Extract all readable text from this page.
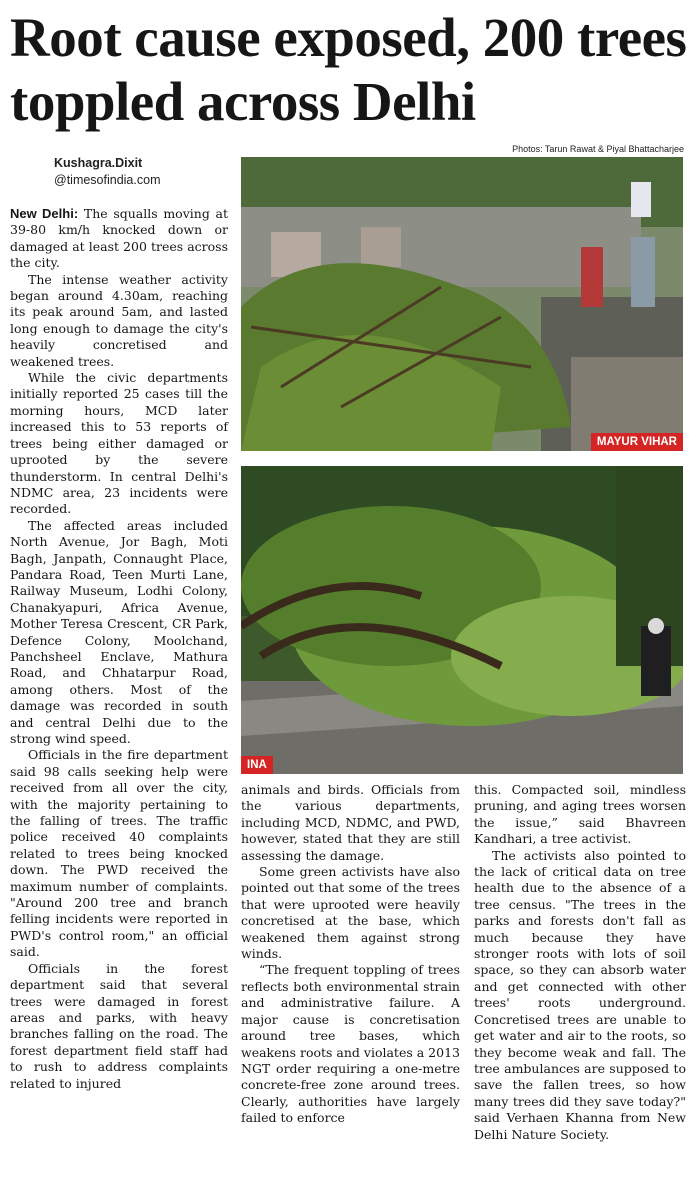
Root cause exposed, 200 trees toppled across Delhi
Kushagra.Dixit
@timesofindia.com
Photos: Tarun Rawat & Piyal Bhattacharjee

New Delhi: The squalls moving at 39-80 km/h knocked down or damaged at least 200 trees across the city.

The intense weather activity began around 4.30am, reaching its peak around 5am, and lasted long enough to damage the city's heavily concretised and weakened trees.

While the civic departments initially reported 25 cases till the morning hours, MCD later increased this to 53 reports of trees being either damaged or uprooted by the severe thunderstorm. In central Delhi's NDMC area, 23 incidents were recorded.

The affected areas included North Avenue, Jor Bagh, Moti Bagh, Janpath, Connaught Place, Pandara Road, Teen Murti Lane, Railway Museum, Lodhi Colony, Chanakyapuri, Africa Avenue, Mother Teresa Crescent, CR Park, Defence Colony, Moolchand, Panchsheel Enclave, Mathura Road, and Chhatarpur Road, among others. Most of the damage was recorded in south and central Delhi due to the strong wind speed.

Officials in the fire department said 98 calls seeking help were received from all over the city, with the majority pertaining to the falling of trees. The traffic police received 40 complaints related to trees being knocked down. The PWD received the maximum number of complaints. "Around 200 tree and branch felling incidents were reported in PWD's control room," an official said.

Officials in the forest department said that several trees were damaged in forest areas and parks, with heavy branches falling on the road. The forest department field staff had to rush to address complaints related to injured

MAYUR VIHAR
INA

animals and birds. Officials from the various departments, including MCD, NDMC, and PWD, however, stated that they are still assessing the damage.

Some green activists have also pointed out that some of the trees that were uprooted were heavily concretised at the base, which weakened them against strong winds.

“The frequent toppling of trees reflects both environmental strain and administrative failure. A major cause is concretisation around tree bases, which weakens roots and violates a 2013 NGT order requiring a one-metre concrete-free zone around trees. Clearly, authorities have largely failed to enforce

this. Compacted soil, mindless pruning, and aging trees worsen the issue,” said Bhavreen Kandhari, a tree activist.

The activists also pointed to the lack of critical data on tree health due to the absence of a tree census. "The trees in the parks and forests don't fall as much because they have stronger roots with lots of soil space, so they can absorb water and get connected with other trees' roots underground. Concretised trees are unable to get water and air to the roots, so they become weak and fall. The tree ambulances are supposed to save the fallen trees, so how many trees did they save today?" said Verhaen Khanna from New Delhi Nature Society.
